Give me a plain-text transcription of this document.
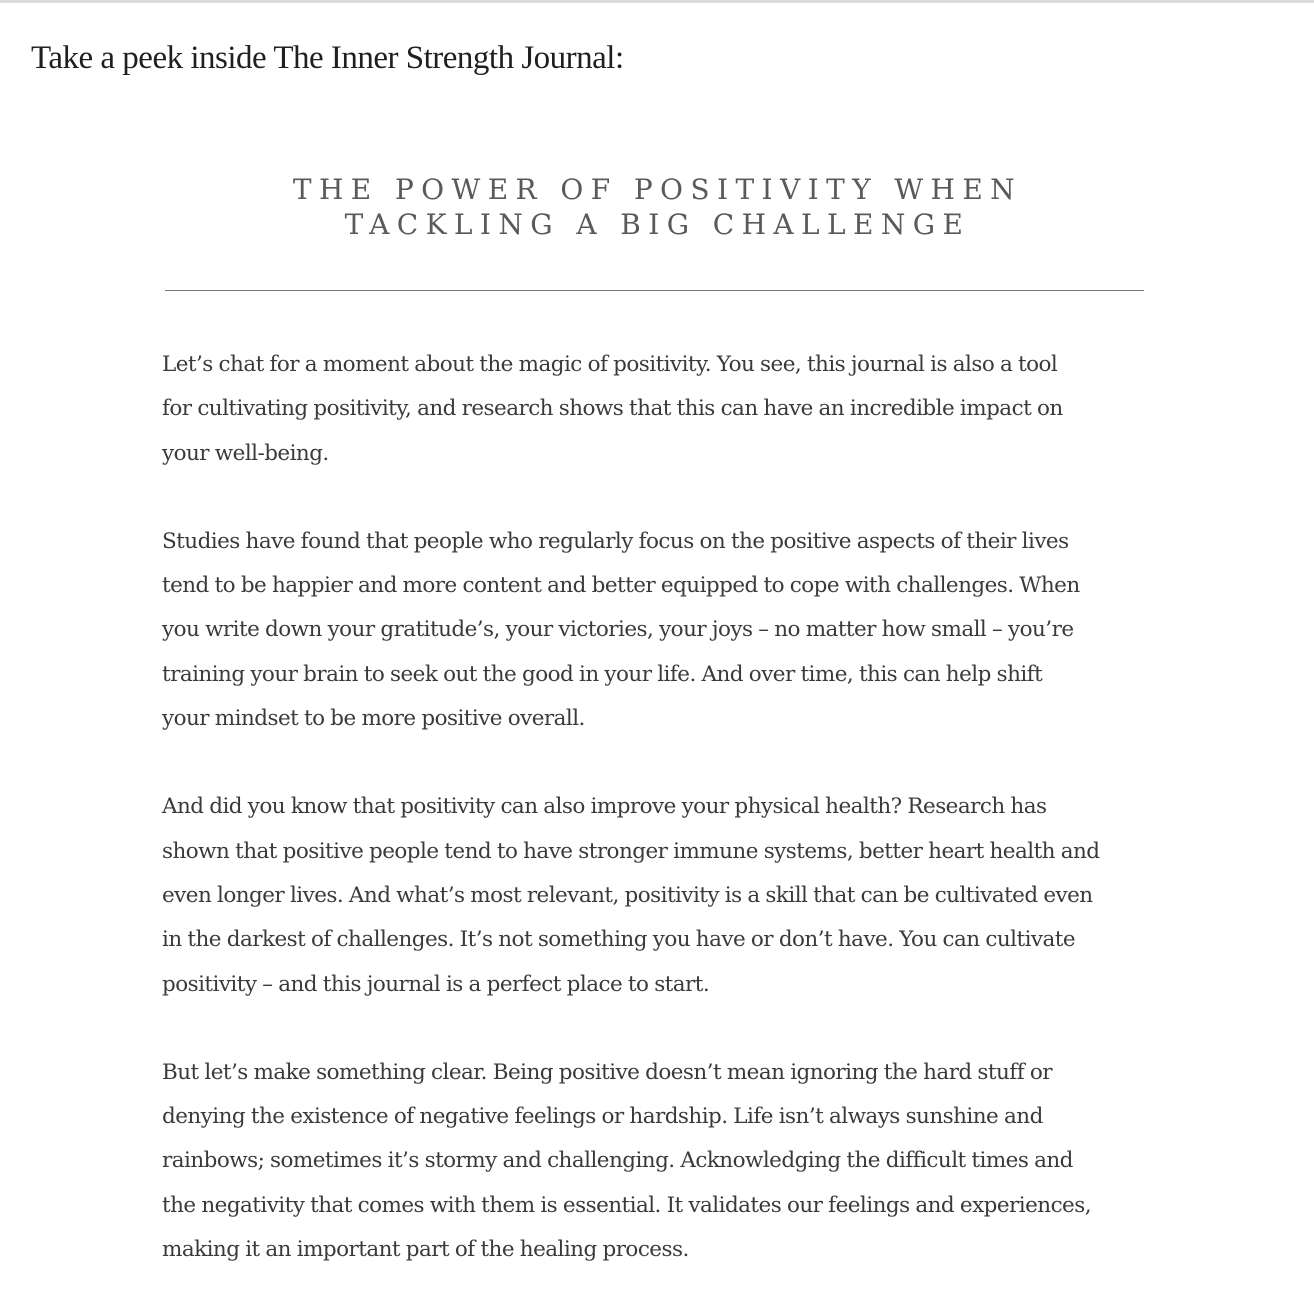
Take a peek inside The Inner Strength Journal:
THE POWER OF POSITIVITY WHEN
TACKLING A BIG CHALLENGE

Let’s chat for a moment about the magic of positivity. You see, this journal is also a tool
for cultivating positivity, and research shows that this can have an incredible impact on
your well-being.

Studies have found that people who regularly focus on the positive aspects of their lives
tend to be happier and more content and better equipped to cope with challenges. When
you write down your gratitude’s, your victories, your joys – no matter how small – you’re
training your brain to seek out the good in your life. And over time, this can help shift
your mindset to be more positive overall.

And did you know that positivity can also improve your physical health? Research has
shown that positive people tend to have stronger immune systems, better heart health and
even longer lives. And what’s most relevant, positivity is a skill that can be cultivated even
in the darkest of challenges. It’s not something you have or don’t have. You can cultivate
positivity – and this journal is a perfect place to start.

But let’s make something clear. Being positive doesn’t mean ignoring the hard stuff or
denying the existence of negative feelings or hardship. Life isn’t always sunshine and
rainbows; sometimes it’s stormy and challenging. Acknowledging the difficult times and
the negativity that comes with them is essential. It validates our feelings and experiences,
making it an important part of the healing process.
